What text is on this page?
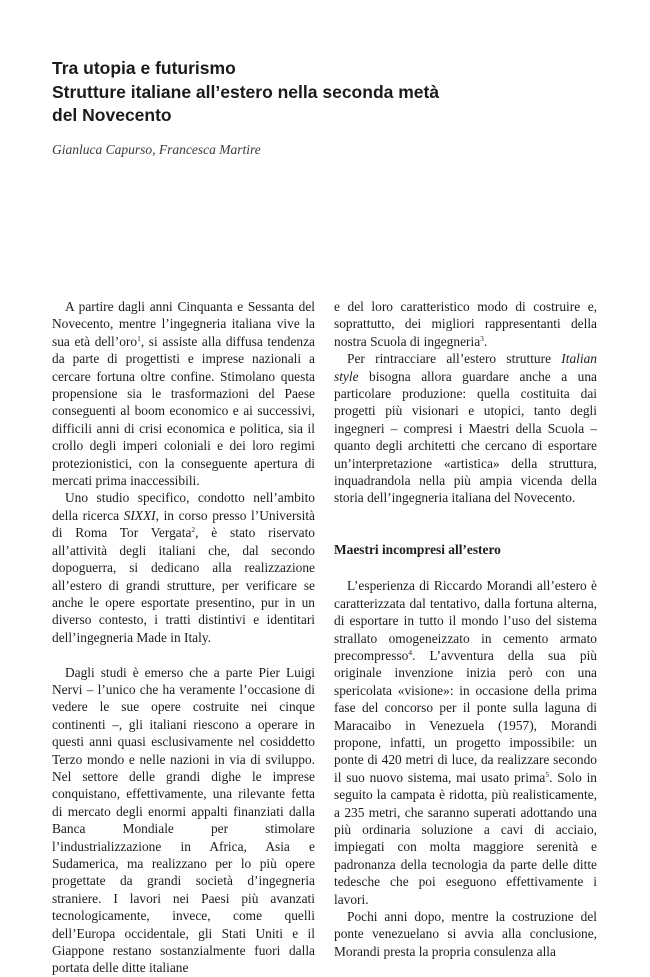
Tra utopia e futurismo
Strutture italiane all’estero nella seconda metà
del Novecento
Gianluca Capurso, Francesca Martire

A partire dagli anni Cinquanta e Sessanta del Novecento, mentre l’ingegneria italiana vive la sua età dell’oro$^1$, si assiste alla diffusa tendenza da parte di progettisti e imprese nazionali a cercare fortuna oltre confine. Stimolano questa propensione sia le trasformazioni del Paese conseguenti al boom economico e ai successivi, difficili anni di crisi economica e politica, sia il crollo degli imperi coloniali e dei loro regimi protezionistici, con la conseguente apertura di mercati prima inaccessibili.

Uno studio specifico, condotto nell’ambito della ricerca SIXXI, in corso presso l’Università di Roma Tor Vergata$^2$, è stato riservato all’attività degli italiani che, dal secondo dopoguerra, si dedicano alla realizzazione all’estero di grandi strutture, per verificare se anche le opere esportate presentino, pur in un diverso contesto, i tratti distintivi e identitari dell’ingegneria Made in Italy.

Dagli studi è emerso che a parte Pier Luigi Nervi – l’unico che ha veramente l’occasione di vedere le sue opere costruite nei cinque continenti –, gli italiani riescono a operare in questi anni quasi esclusivamente nel cosiddetto Terzo mondo e nelle nazioni in via di sviluppo. Nel settore delle grandi dighe le imprese conquistano, effettivamente, una rilevante fetta di mercato degli enormi appalti finanziati dalla Banca Mondiale per stimolare l’industrializzazione in Africa, Asia e Sudamerica, ma realizzano per lo più opere progettate da grandi società d’ingegneria straniere. I lavori nei Paesi più avanzati tecnologicamente, invece, come quelli dell’Europa occidentale, gli Stati Uniti e il Giappone restano sostanzialmente fuori dalla portata delle ditte italiane

e del loro caratteristico modo di costruire e, soprattutto, dei migliori rappresentanti della nostra Scuola di ingegneria$^3$.

Per rintracciare all’estero strutture Italian style bisogna allora guardare anche a una particolare produzione: quella costituita dai progetti più visionari e utopici, tanto degli ingegneri – compresi i Maestri della Scuola – quanto degli architetti che cercano di esportare un’interpretazione «artistica» della struttura, inquadrandola nella più ampia vicenda della storia dell’ingegneria italiana del Novecento.

Maestri incompresi all’estero

L’esperienza di Riccardo Morandi all’estero è caratterizzata dal tentativo, dalla fortuna alterna, di esportare in tutto il mondo l’uso del sistema strallato omogeneizzato in cemento armato precompresso$^4$. L’avventura della sua più originale invenzione inizia però con una spericolata «visione»: in occasione della prima fase del concorso per il ponte sulla laguna di Maracaibo in Venezuela (1957), Morandi propone, infatti, un progetto impossibile: un ponte di 420 metri di luce, da realizzare secondo il suo nuovo sistema, mai usato prima$^5$. Solo in seguito la campata è ridotta, più realisticamente, a 235 metri, che saranno superati adottando una più ordinaria soluzione a cavi di acciaio, impiegati con molta maggiore serenità e padronanza della tecnologia da parte delle ditte tedesche che poi eseguono effettivamente i lavori.

Pochi anni dopo, mentre la costruzione del ponte venezuelano si avvia alla conclusione, Morandi presta la propria consulenza alla
